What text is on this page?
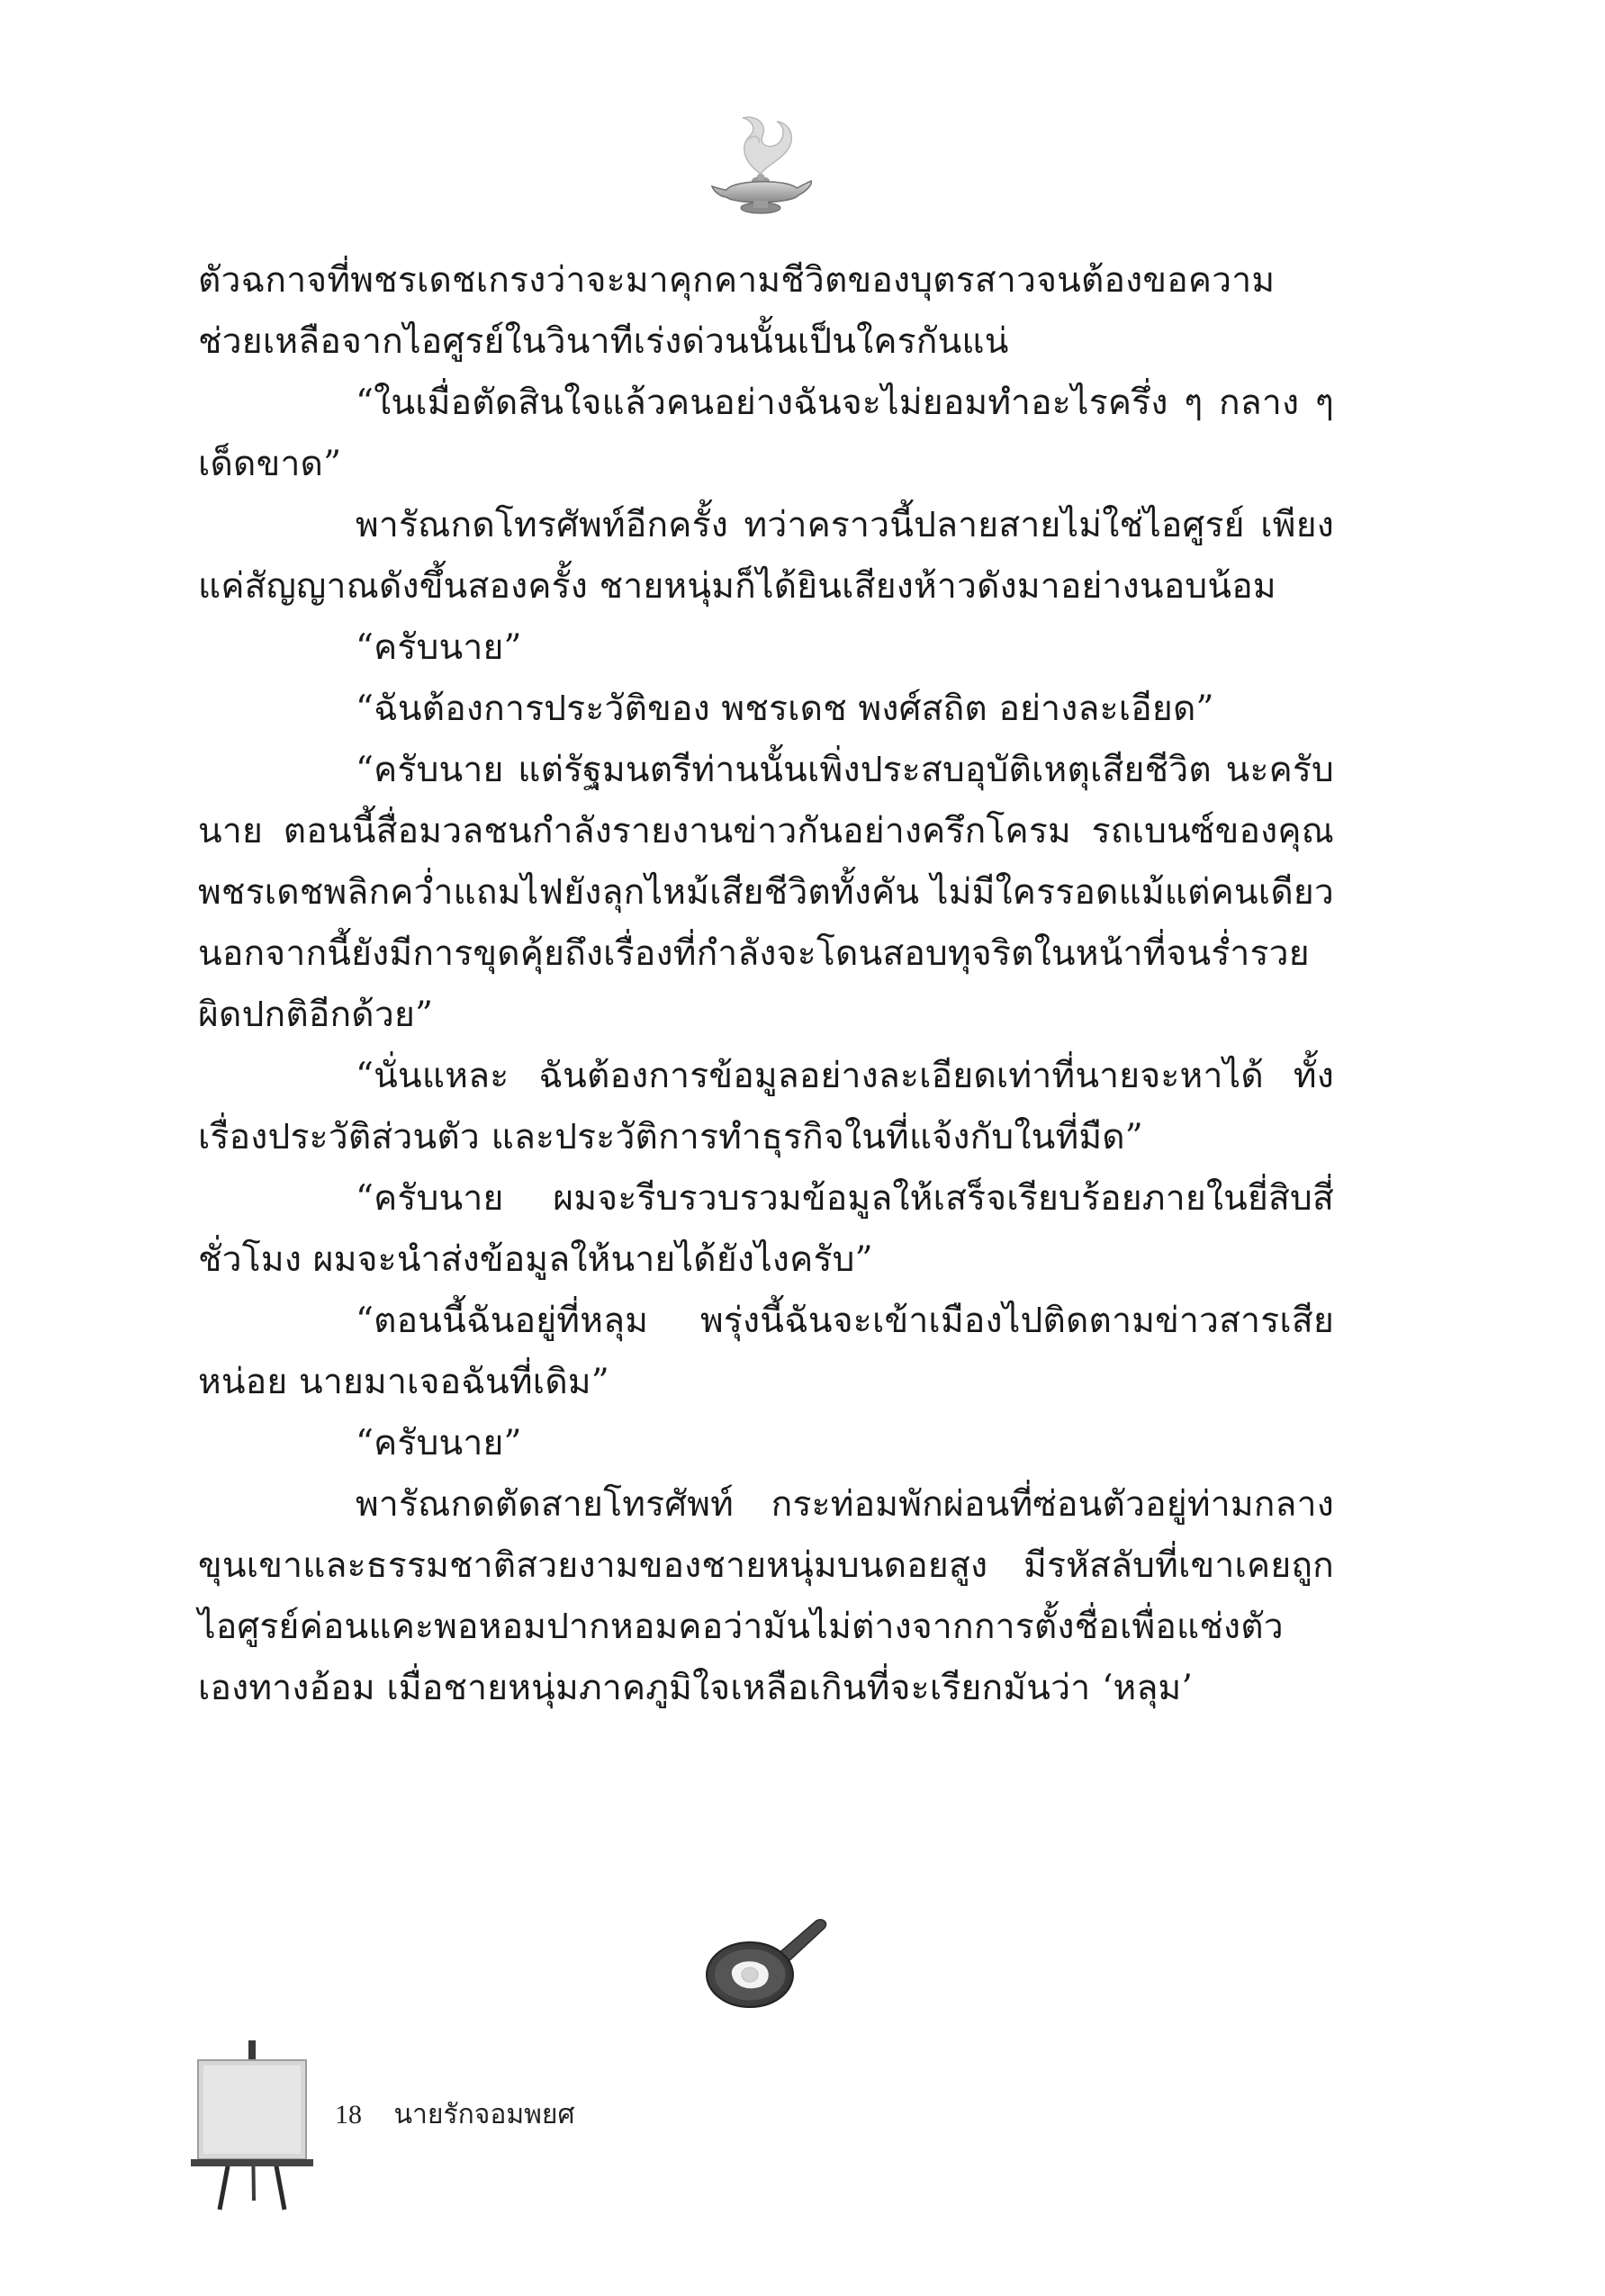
ตัวฉกาจที่พชรเดชเกรงว่าจะมาคุกคามชีวิตของบุตรสาวจนต้องขอความช่วยเหลือจากไอศูรย์ในวินาทีเร่งด่วนนั้นเป็นใครกันแน่

“ในเมื่อตัดสินใจแล้วคนอย่างฉันจะไม่ยอมทำอะไรครึ่ง ๆ กลาง ๆ เด็ดขาด”

พารัณกดโทรศัพท์อีกครั้ง ทว่าคราวนี้ปลายสายไม่ใช่ไอศูรย์ เพียงแค่สัญญาณดังขึ้นสองครั้ง ชายหนุ่มก็ได้ยินเสียงห้าวดังมาอย่างนอบน้อม

“ครับนาย”

“ฉันต้องการประวัติของ พชรเดช พงศ์สถิต อย่างละเอียด”

“ครับนาย แต่รัฐมนตรีท่านนั้นเพิ่งประสบอุบัติเหตุเสียชีวิต นะครับนาย ตอนนี้สื่อมวลชนกำลังรายงานข่าวกันอย่างครึกโครม รถเบนซ์ของคุณพชรเดชพลิกคว่ำแถมไฟยังลุกไหม้เสียชีวิตทั้งคัน ไม่มีใครรอดแม้แต่คนเดียว นอกจากนี้ยังมีการขุดคุ้ยถึงเรื่องที่กำลังจะโดนสอบทุจริตในหน้าที่จนร่ำรวยผิดปกติอีกด้วย”

“นั่นแหละ ฉันต้องการข้อมูลอย่างละเอียดเท่าที่นายจะหาได้ ทั้งเรื่องประวัติส่วนตัว และประวัติการทำธุรกิจในที่แจ้งกับในที่มืด”

“ครับนาย ผมจะรีบรวบรวมข้อมูลให้เสร็จเรียบร้อยภายในยี่สิบสี่ชั่วโมง ผมจะนำส่งข้อมูลให้นายได้ยังไงครับ”

“ตอนนี้ฉันอยู่ที่หลุม พรุ่งนี้ฉันจะเข้าเมืองไปติดตามข่าวสารเสียหน่อย นายมาเจอฉันที่เดิม”

“ครับนาย”

พารัณกดตัดสายโทรศัพท์ กระท่อมพักผ่อนที่ซ่อนตัวอยู่ท่ามกลางขุนเขาและธรรมชาติสวยงามของชายหนุ่มบนดอยสูง มีรหัสลับที่เขาเคยถูกไอศูรย์ค่อนแคะพอหอมปากหอมคอว่ามันไม่ต่างจากการตั้งชื่อเพื่อแช่งตัวเองทางอ้อม เมื่อชายหนุ่มภาคภูมิใจเหลือเกินที่จะเรียกมันว่า ‘หลุม’

18 นายรักจอมพยศ
